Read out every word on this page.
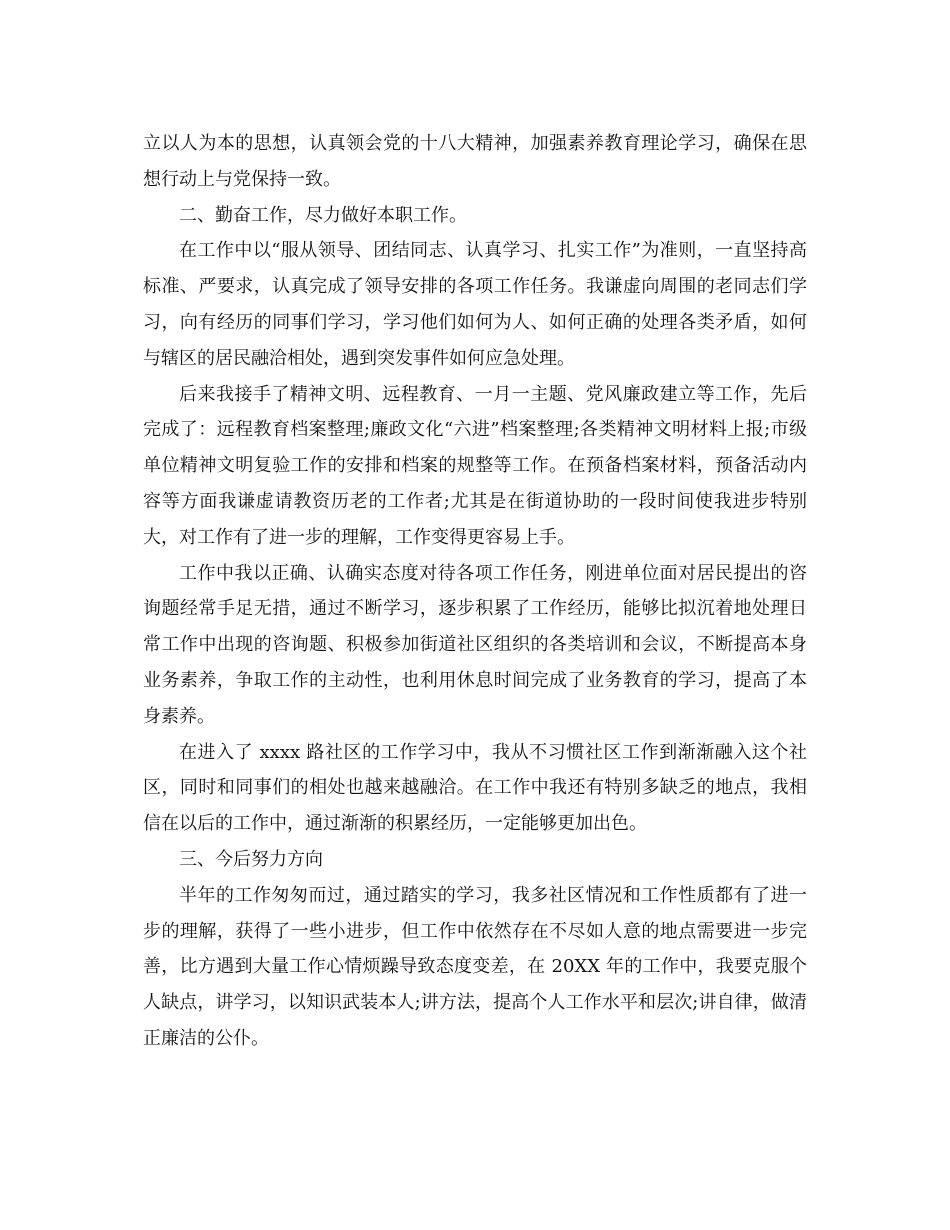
立以人为本的思想，认真领会党的十八大精神，加强素养教育理论学习，确保在思想行动上与党保持一致。

二、勤奋工作，尽力做好本职工作。

在工作中以“服从领导、团结同志、认真学习、扎实工作”为准则，一直坚持高标准、严要求，认真完成了领导安排的各项工作任务。我谦虚向周围的老同志们学习，向有经历的同事们学习，学习他们如何为人、如何正确的处理各类矛盾，如何与辖区的居民融洽相处，遇到突发事件如何应急处理。

后来我接手了精神文明、远程教育、一月一主题、党风廉政建立等工作，先后完成了：远程教育档案整理;廉政文化“六进”档案整理;各类精神文明材料上报;市级单位精神文明复验工作的安排和档案的规整等工作。在预备档案材料，预备活动内容等方面我谦虚请教资历老的工作者;尤其是在街道协助的一段时间使我进步特别大，对工作有了进一步的理解，工作变得更容易上手。

工作中我以正确、认确实态度对待各项工作任务，刚进单位面对居民提出的咨询题经常手足无措，通过不断学习，逐步积累了工作经历，能够比拟沉着地处理日常工作中出现的咨询题、积极参加街道社区组织的各类培训和会议，不断提高本身业务素养，争取工作的主动性，也利用休息时间完成了业务教育的学习，提高了本身素养。

在进入了 xxxx 路社区的工作学习中，我从不习惯社区工作到渐渐融入这个社区，同时和同事们的相处也越来越融洽。在工作中我还有特别多缺乏的地点，我相信在以后的工作中，通过渐渐的积累经历，一定能够更加出色。

三、今后努力方向

半年的工作匆匆而过，通过踏实的学习，我多社区情况和工作性质都有了进一步的理解，获得了一些小进步，但工作中依然存在不尽如人意的地点需要进一步完善，比方遇到大量工作心情烦躁导致态度变差，在 20XX 年的工作中，我要克服个人缺点，讲学习，以知识武装本人;讲方法，提高个人工作水平和层次;讲自律，做清正廉洁的公仆。
